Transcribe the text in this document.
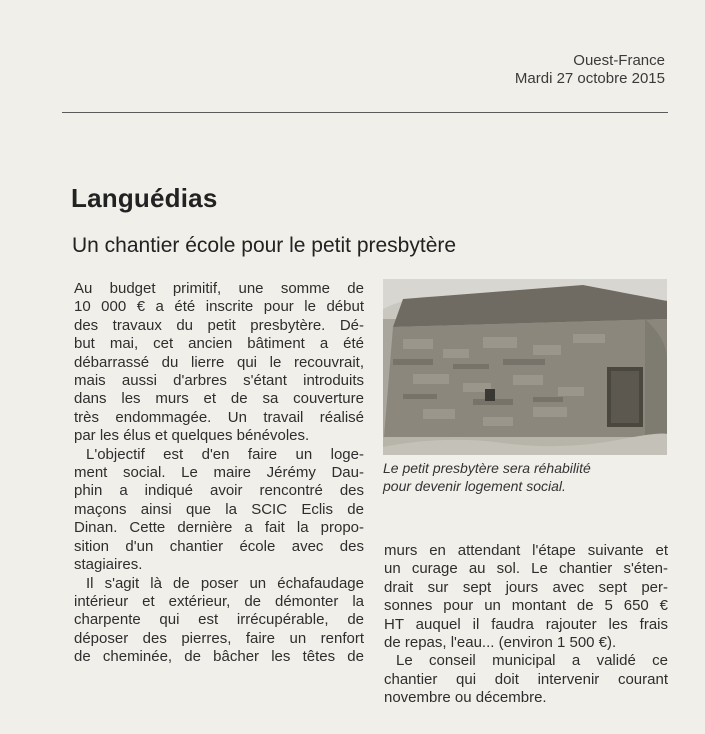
Ouest-France
Mardi 27 octobre 2015
Languédias
Un chantier école pour le petit presbytère
Au budget primitif, une somme de
10 000 € a été inscrite pour le début
des travaux du petit presbytère. Dé-
but mai, cet ancien bâtiment a été
débarrassé du lierre qui le recouvrait,
mais aussi d'arbres s'étant introduits
dans les murs et de sa couverture
très endommagée. Un travail réalisé
par les élus et quelques bénévoles.
L'objectif est d'en faire un loge-
ment social. Le maire Jérémy Dau-
phin a indiqué avoir rencontré des
maçons ainsi que la SCIC Eclis de
Dinan. Cette dernière a fait la propo-
sition d'un chantier école avec des
stagiaires.
Il s'agit là de poser un échafaudage
intérieur et extérieur, de démonter la
charpente qui est irrécupérable, de
déposer des pierres, faire un renfort
de cheminée, de bâcher les têtes de
Le petit presbytère sera réhabilité
pour devenir logement social.
murs en attendant l'étape suivante et
un curage au sol. Le chantier s'éten-
drait sur sept jours avec sept per-
sonnes pour un montant de 5 650 €
HT auquel il faudra rajouter les frais
de repas, l'eau... (environ 1 500 €).
Le conseil municipal a validé ce
chantier qui doit intervenir courant
novembre ou décembre.
